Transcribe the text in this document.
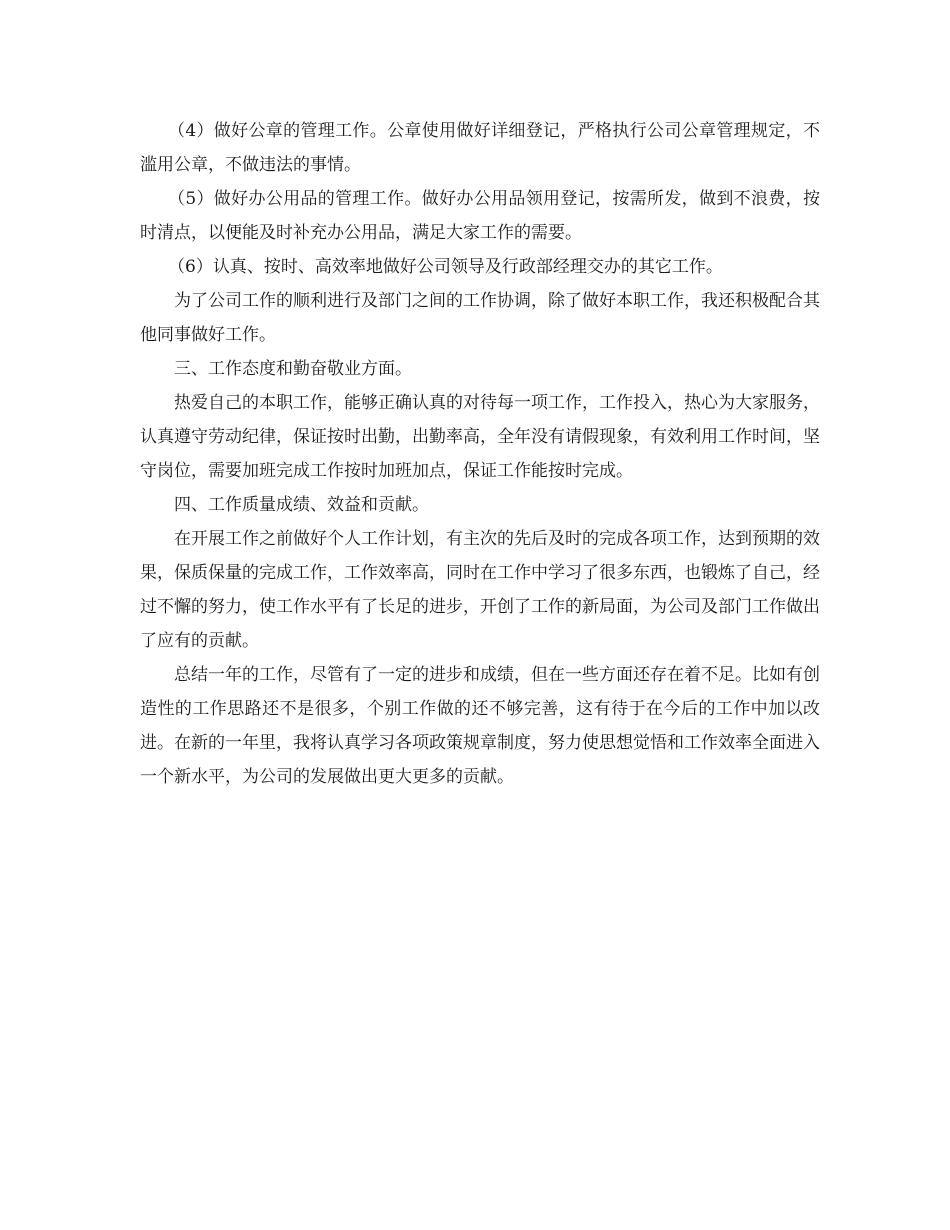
（4）做好公章的管理工作。公章使用做好详细登记，严格执行公司公章管理规定，不滥用公章，不做违法的事情。

（5）做好办公用品的管理工作。做好办公用品领用登记，按需所发，做到不浪费，按时清点，以便能及时补充办公用品，满足大家工作的需要。

（6）认真、按时、高效率地做好公司领导及行政部经理交办的其它工作。

为了公司工作的顺利进行及部门之间的工作协调，除了做好本职工作，我还积极配合其他同事做好工作。

三、工作态度和勤奋敬业方面。

热爱自己的本职工作，能够正确认真的对待每一项工作，工作投入，热心为大家服务，认真遵守劳动纪律，保证按时出勤，出勤率高，全年没有请假现象，有效利用工作时间，坚守岗位，需要加班完成工作按时加班加点，保证工作能按时完成。

四、工作质量成绩、效益和贡献。

在开展工作之前做好个人工作计划，有主次的先后及时的完成各项工作，达到预期的效果，保质保量的完成工作，工作效率高，同时在工作中学习了很多东西，也锻炼了自己，经过不懈的努力，使工作水平有了长足的进步，开创了工作的新局面，为公司及部门工作做出了应有的贡献。

总结一年的工作，尽管有了一定的进步和成绩，但在一些方面还存在着不足。比如有创造性的工作思路还不是很多，个别工作做的还不够完善，这有待于在今后的工作中加以改进。在新的一年里，我将认真学习各项政策规章制度，努力使思想觉悟和工作效率全面进入一个新水平，为公司的发展做出更大更多的贡献。
